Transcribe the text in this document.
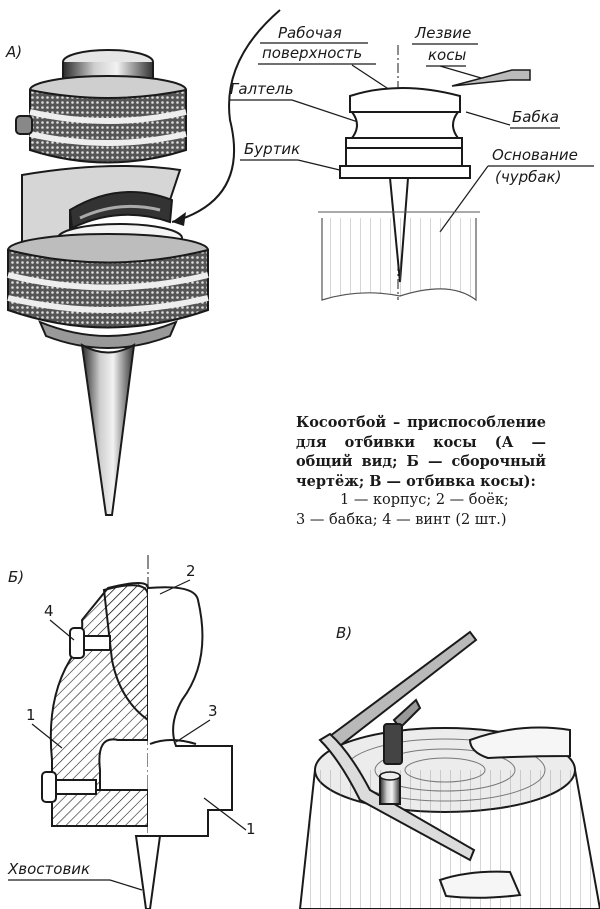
А)
Рабочая
поверхность
Лезвие
косы
Галтель
Бабка
Буртик	Основание
(чурбак)
Б)	2
4
1	3
1
Хвостовик
В)
Косоотбой – приспособление для отбивки косы (А — общий вид; Б — сборочный чертёж; В — отбивка косы):
1 — корпус; 2 — боёк;
3 — бабка; 4 — винт (2 шт.)
